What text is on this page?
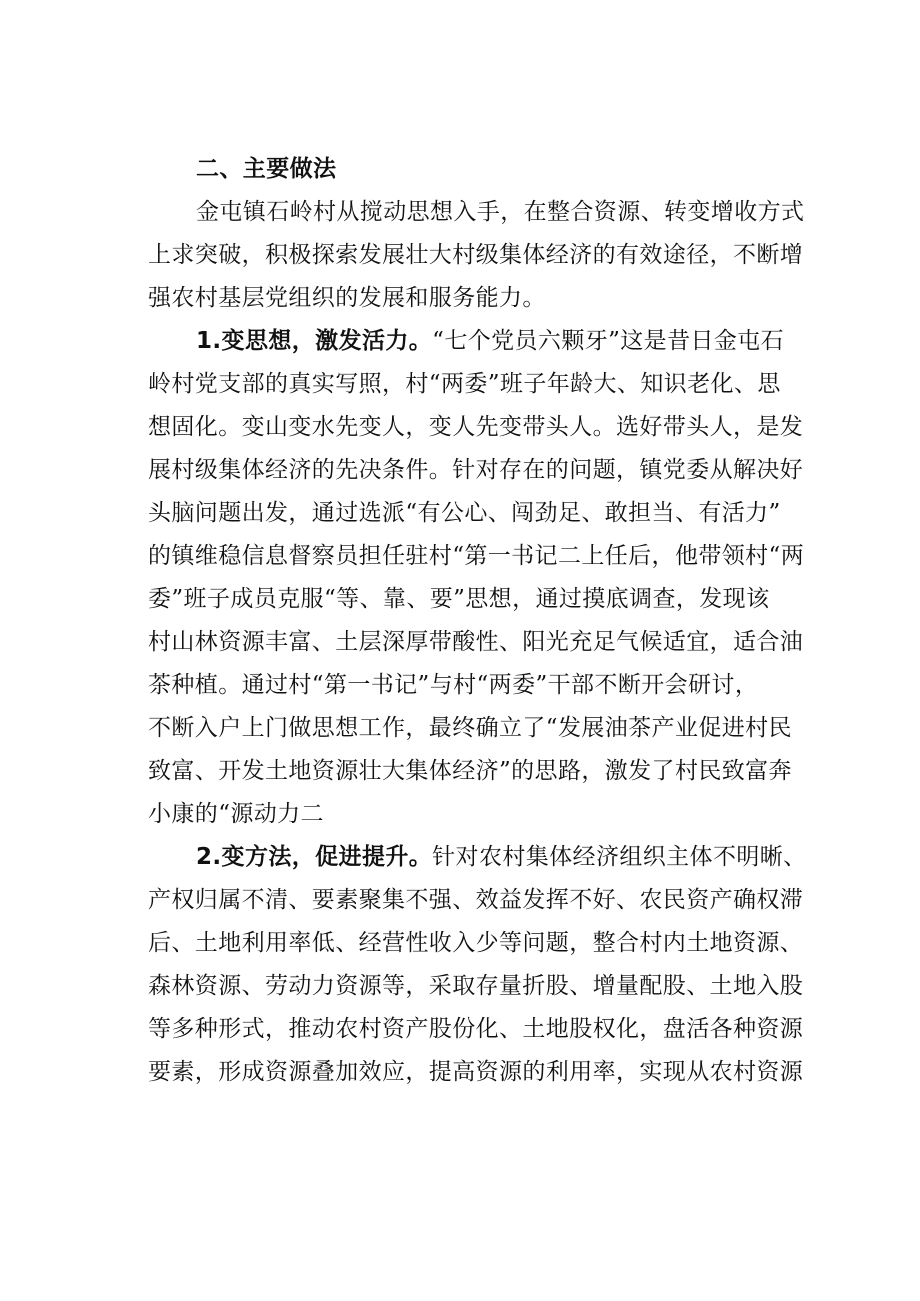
二、主要做法
金屯镇石岭村从搅动思想入手，在整合资源、转变增收方式
上求突破，积极探索发展壮大村级集体经济的有效途径，不断增
强农村基层党组织的发展和服务能力。
1.变思想，激发活力。“七个党员六颗牙”这是昔日金屯石
岭村党支部的真实写照，村“两委”班子年龄大、知识老化、思
想固化。变山变水先变人，变人先变带头人。选好带头人，是发
展村级集体经济的先决条件。针对存在的问题，镇党委从解决好
头脑问题出发，通过选派“有公心、闯劲足、敢担当、有活力”
的镇维稳信息督察员担任驻村“第一书记二上任后，他带领村“两
委”班子成员克服“等、靠、要”思想，通过摸底调查，发现该
村山林资源丰富、土层深厚带酸性、阳光充足气候适宜，适合油
茶种植。通过村“第一书记”与村“两委”干部不断开会研讨，
不断入户上门做思想工作，最终确立了“发展油茶产业促进村民
致富、开发土地资源壮大集体经济”的思路，激发了村民致富奔
小康的“源动力二
2.变方法，促进提升。针对农村集体经济组织主体不明晰、
产权归属不清、要素聚集不强、效益发挥不好、农民资产确权滞
后、土地利用率低、经营性收入少等问题，整合村内土地资源、
森林资源、劳动力资源等，采取存量折股、增量配股、土地入股
等多种形式，推动农村资产股份化、土地股权化，盘活各种资源
要素，形成资源叠加效应，提高资源的利用率，实现从农村资源
